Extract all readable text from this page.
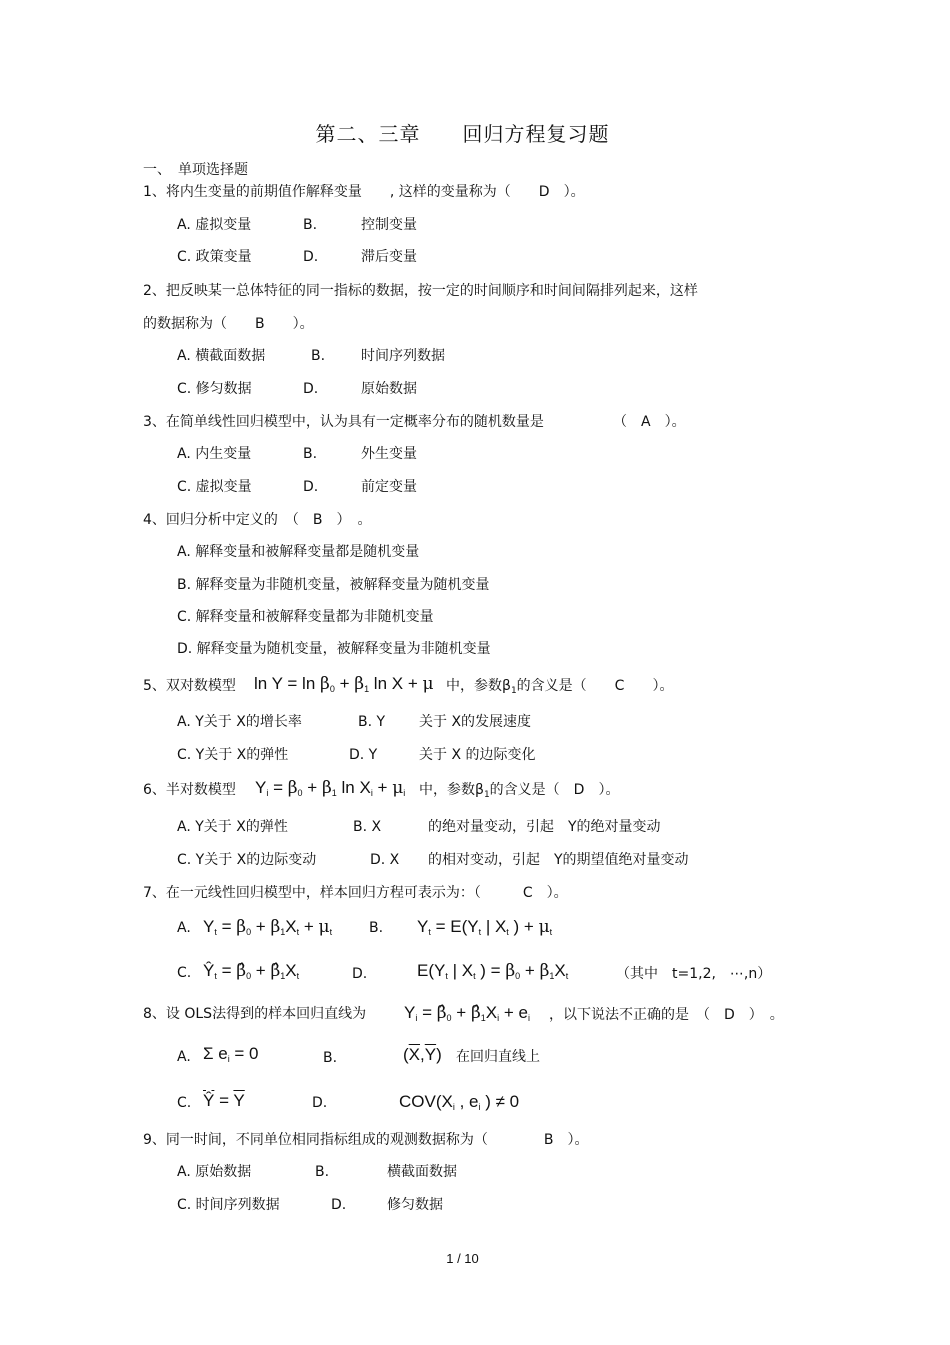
第二、三章　　回归方程复习题
一、　单项选择题
1、将内生变量的前期值作解释变量　　, 这样的变量称为（　　D　）。
A. 虚拟变量	B.	控制变量
C. 政策变量	D.	滞后变量
2、把反映某一总体特征的同一指标的数据，按一定的时间顺序和时间间隔排列起来，这样
的数据称为（　　B　　）。
A. 横截面数据	B.	时间序列数据
C. 修匀数据	D.	原始数据
3、在简单线性回归模型中，认为具有一定概率分布的随机数量是	（　A　）。
A. 内生变量	B.	外生变量
C. 虚拟变量	D.	前定变量
4、回归分析中定义的　（　B　）　。
A. 解释变量和被解释变量都是随机变量
B. 解释变量为非随机变量，被解释变量为随机变量
C. 解释变量和被解释变量都为非随机变量
D. 解释变量为随机变量，被解释变量为非随机变量
5、双对数模型 $\ln Y = \ln \beta_0 + \beta_1$ ln X + μ 中，参数$\beta_1$的含义是（　　C　　）。
A. Y关于 X的增长率	B. Y 关于 X的发展速度
C. Y关于 X的弹性	D. Y	关于 X 的边际变化
6、半对数模型 $Y_i = \beta_0 + \beta_1$ $\ln X_i + \mu_i$ 中，参数$\beta_1$的含义是（　D　）。
A. Y关于 X的弹性	B. X	的绝对量变动，引起　Y的绝对量变动
C. Y关于 X的边际变动	D. X 的相对变动，引起　Y的期望值绝对量变动
7、在一元线性回归模型中，样本回归方程可表示为：（　　　C　）。
A. $Y_t = \beta_0 + \beta_1X_t + \mu_t$	B. $Y_t = E(Y_t$ | $X_t$ ) + $\mu_t$
C. $Ŷ_t$ = $\betâ_0$ + $\betâ_1X_t$	D.	$E(Y_t$ | $X_t$ ) = $\beta_0 + \beta_1X_t$	（其中　t=1,2,　⋯,n）
8、设 OLS法得到的样本回归直线为 $Y_i$ = $\betâ_0$ + $\betâ_1X_i + e_i$ ，以下说法不正确的是　（　D　）　。
A. Σ $e_i = 0$	B.	$(\overline{X},\overline{Y})$ 在回归直线上
C. $\overline{Ŷ} = \overline{Y}$	D.	$COV(X_i$ , $e_i$ ) ≠ 0
9、同一时间，不同单位相同指标组成的观测数据称为（　　　　B　）。
A. 原始数据	B.	横截面数据
C. 时间序列数据	D.	修匀数据
1 / 10
